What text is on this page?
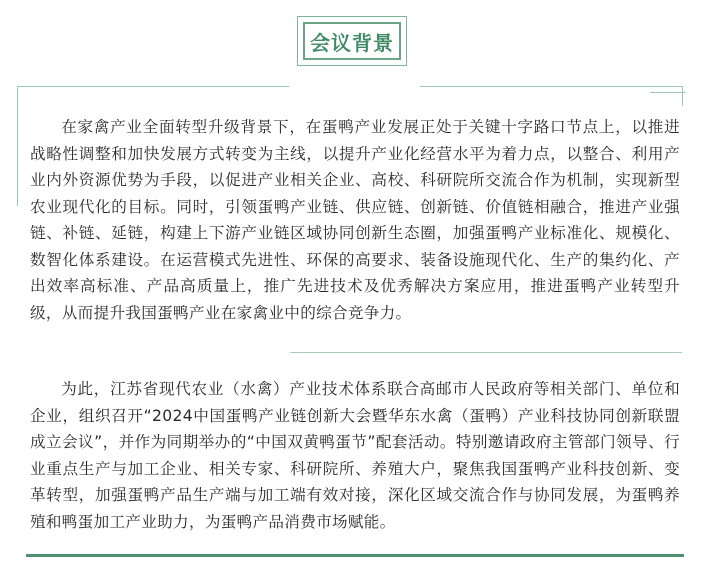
会议背景

在家禽产业全面转型升级背景下，在蛋鸭产业发展正处于关键十字路口节点上，以推进战略性调整和加快发展方式转变为主线，以提升产业化经营水平为着力点，以整合、利用产业内外资源优势为手段，以促进产业相关企业、高校、科研院所交流合作为机制，实现新型农业现代化的目标。同时，引领蛋鸭产业链、供应链、创新链、价值链相融合，推进产业强链、补链、延链，构建上下游产业链区域协同创新生态圈，加强蛋鸭产业标准化、规模化、数智化体系建设。在运营模式先进性、环保的高要求、装备设施现代化、生产的集约化、产出效率高标准、产品高质量上，推广先进技术及优秀解决方案应用，推进蛋鸭产业转型升级，从而提升我国蛋鸭产业在家禽业中的综合竞争力。

为此，江苏省现代农业（水禽）产业技术体系联合高邮市人民政府等相关部门、单位和企业，组织召开“2024中国蛋鸭产业链创新大会暨华东水禽（蛋鸭）产业科技协同创新联盟成立会议”，并作为同期举办的“中国双黄鸭蛋节”配套活动。特别邀请政府主管部门领导、行业重点生产与加工企业、相关专家、科研院所、养殖大户，聚焦我国蛋鸭产业科技创新、变革转型，加强蛋鸭产品生产端与加工端有效对接，深化区域交流合作与协同发展，为蛋鸭养殖和鸭蛋加工产业助力，为蛋鸭产品消费市场赋能。
